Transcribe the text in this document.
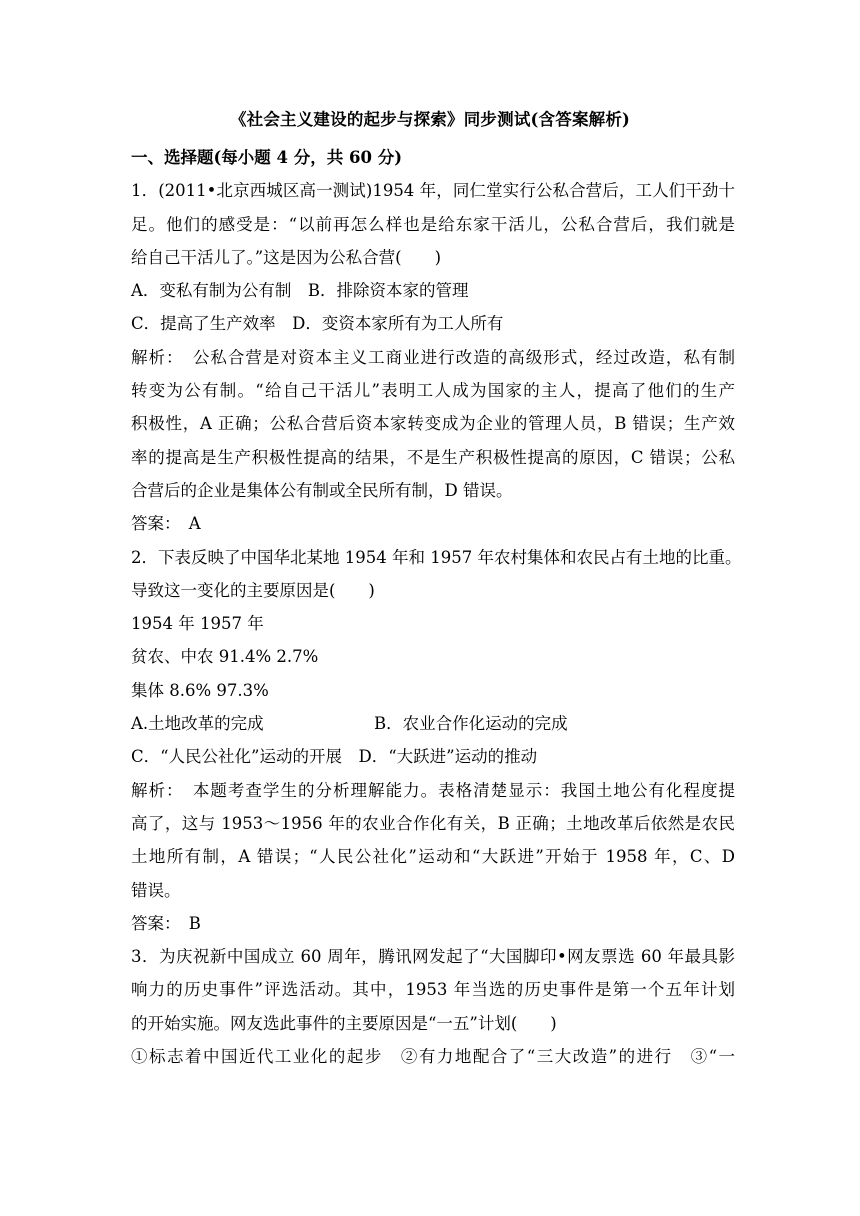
《社会主义建设的起步与探索》同步测试(含答案解析)
一、选择题(每小题 4 分，共 60 分)
1．(2011•北京西城区高一测试)1954 年，同仁堂实行公私合营后，工人们干劲十
足。他们的感受是：“以前再怎么样也是给东家干活儿，公私合营后，我们就是
给自己干活儿了。”这是因为公私合营(　　)
A．变私有制为公有制　B．排除资本家的管理
C．提高了生产效率　D．变资本家所有为工人所有
解析：　公私合营是对资本主义工商业进行改造的高级形式，经过改造，私有制
转变为公有制。“给自己干活儿”表明工人成为国家的主人，提高了他们的生产
积极性，A 正确；公私合营后资本家转变成为企业的管理人员，B 错误；生产效
率的提高是生产积极性提高的结果，不是生产积极性提高的原因，C 错误；公私
合营后的企业是集体公有制或全民所有制，D 错误。
答案：　A
2．下表反映了中国华北某地 1954 年和 1957 年农村集体和农民占有土地的比重。
导致这一变化的主要原因是(　　)
1954 年 1957 年
贫农、中农 91.4% 2.7%
集体 8.6% 97.3%
A.土地改革的完成	B．农业合作化运动的完成
C．“人民公社化”运动的开展　D．“大跃进”运动的推动
解析：　本题考查学生的分析理解能力。表格清楚显示：我国土地公有化程度提
高了，这与 1953～1956 年的农业合作化有关，B 正确；土地改革后依然是农民
土地所有制，A 错误；“人民公社化”运动和“大跃进”开始于 1958 年，C、D
错误。
答案：　B
3．为庆祝新中国成立 60 周年，腾讯网发起了“大国脚印•网友票选 60 年最具影
响力的历史事件”评选活动。其中，1953 年当选的历史事件是第一个五年计划
的开始实施。网友选此事件的主要原因是“一五”计划(　　)
①标志着中国近代工业化的起步　②有力地配合了“三大改造”的进行　③“一
